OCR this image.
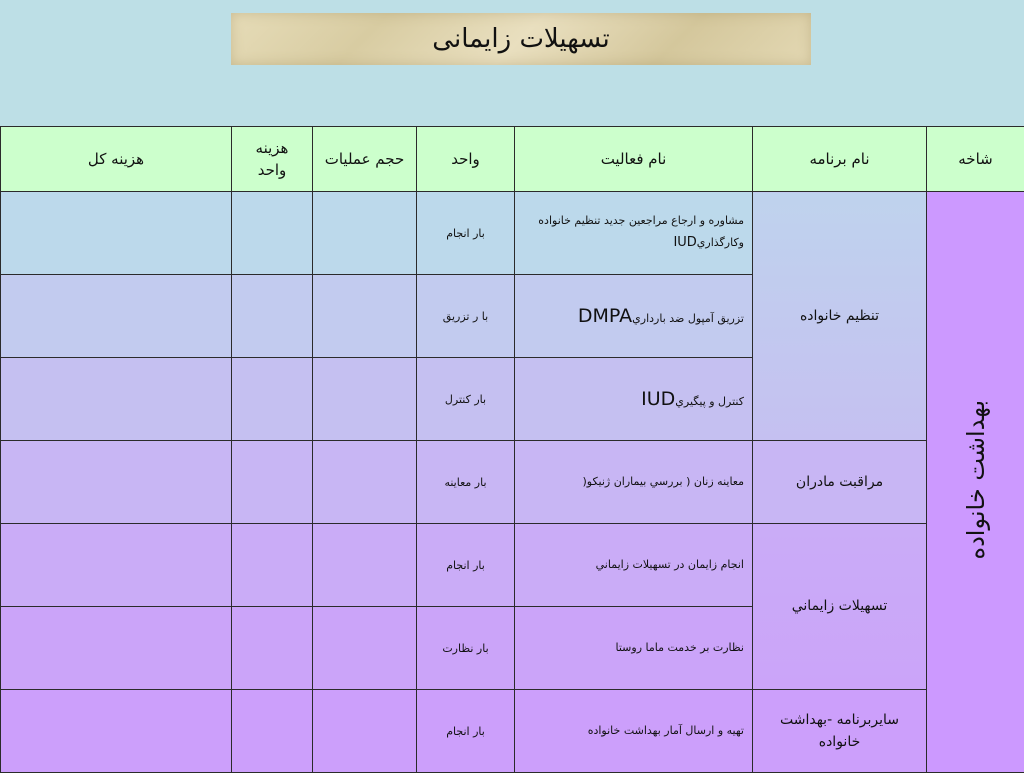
تسهیلات زایمانی
شاخه	نام برنامه	نام فعالیت	واحد	حجم عملیات	هزینه واحد	هزینه کل
بهداشت خانواده	تنظیم خانواده	مشاوره و ارجاع مراجعين جديد تنظيم خانواده وكارگذاريIUD	بار انجام			
		تزريق آمپول ضد بارداريDMPA	با ر تزريق			
		كنترل و پيگيريIUD	بار كنترل			
	مراقبت مادران	معاينه زنان ( بررسي بيماران ژنيكو(	بار معاينه			
	تسهیلات زایماني	انجام زايمان در تسهيلات زايماني	بار انجام			
		نظارت بر خدمت ماما روستا	بار نظارت			
	سايربرنامه -بهداشت خانواده	تهيه و ارسال آمار بهداشت خانواده	بار انجام			
